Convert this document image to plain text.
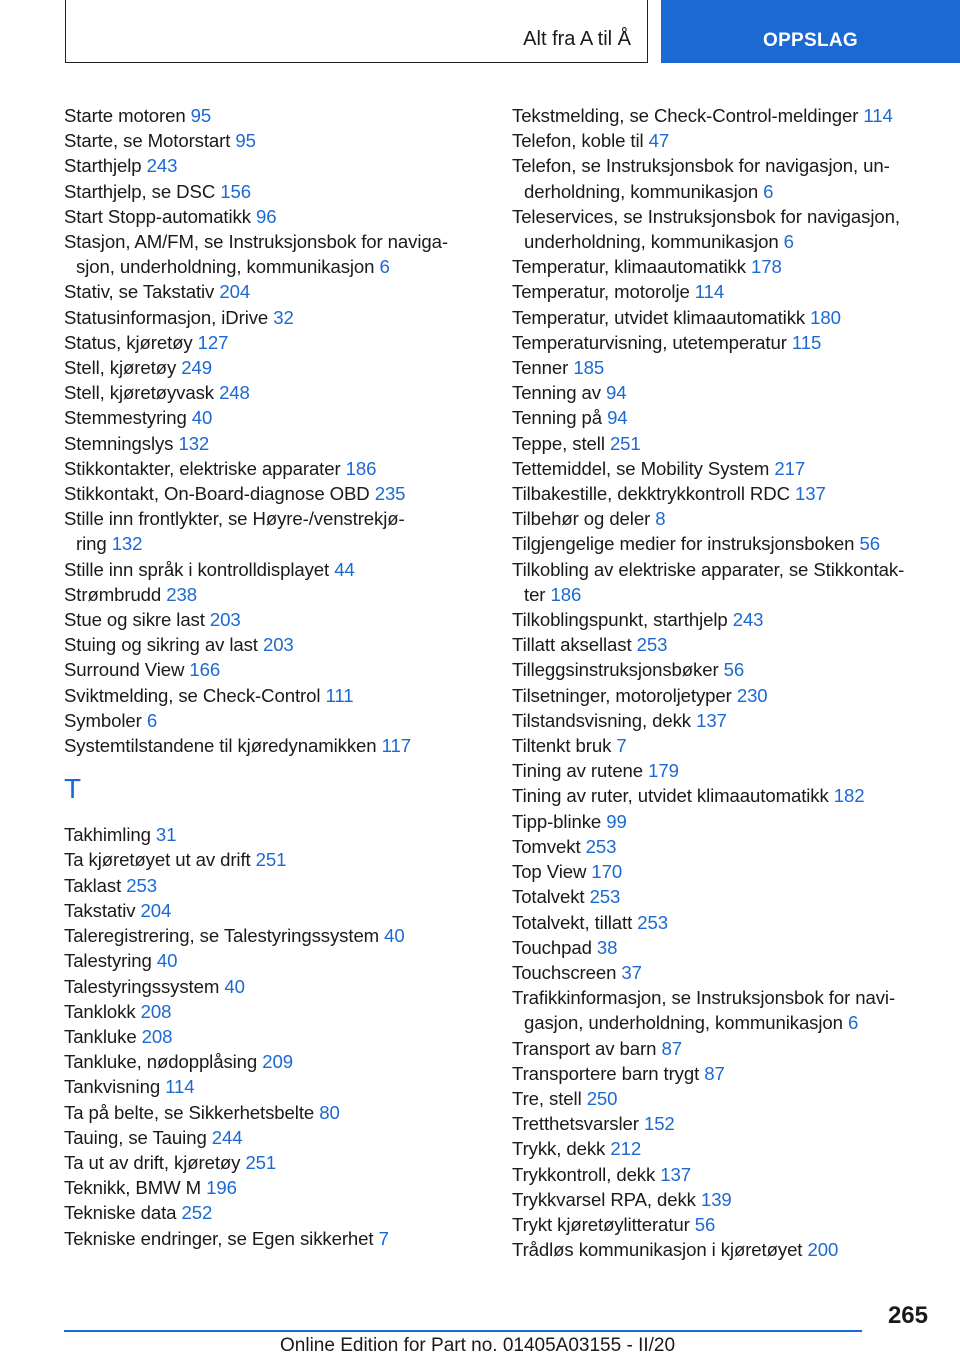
Alt fra A til Å	OPPSLAG
Starte motoren 95
Starte, se Motorstart 95
Starthjelp 243
Starthjelp, se DSC 156
Start Stopp-automatikk 96
Stasjon, AM/FM, se Instruksjonsbok for naviga-
sjon, underholdning, kommunikasjon 6
Stativ, se Takstativ 204
Statusinformasjon, iDrive 32
Status, kjøretøy 127
Stell, kjøretøy 249
Stell, kjøretøyvask 248
Stemmestyring 40
Stemningslys 132
Stikkontakter, elektriske apparater 186
Stikkontakt, On-Board-diagnose OBD 235
Stille inn frontlykter, se Høyre-/venstrekjø-
ring 132
Stille inn språk i kontrolldisplayet 44
Strømbrudd 238
Stue og sikre last 203
Stuing og sikring av last 203
Surround View 166
Sviktmelding, se Check-Control 111
Symboler 6
Systemtilstandene til kjøredynamikken 117
T
Takhimling 31
Ta kjøretøyet ut av drift 251
Taklast 253
Takstativ 204
Taleregistrering, se Talestyringssystem 40
Talestyring 40
Talestyringssystem 40
Tanklokk 208
Tankluke 208
Tankluke, nødopplåsing 209
Tankvisning 114
Ta på belte, se Sikkerhetsbelte 80
Tauing, se Tauing 244
Ta ut av drift, kjøretøy 251
Teknikk, BMW M 196
Tekniske data 252
Tekniske endringer, se Egen sikkerhet 7
Tekstmelding, se Check-Control-meldinger 114
Telefon, koble til 47
Telefon, se Instruksjonsbok for navigasjon, un-
derholdning, kommunikasjon 6
Teleservices, se Instruksjonsbok for navigasjon,
underholdning, kommunikasjon 6
Temperatur, klimaautomatikk 178
Temperatur, motorolje 114
Temperatur, utvidet klimaautomatikk 180
Temperaturvisning, utetemperatur 115
Tenner 185
Tenning av 94
Tenning på 94
Teppe, stell 251
Tettemiddel, se Mobility System 217
Tilbakestille, dekktrykkontroll RDC 137
Tilbehør og deler 8
Tilgjengelige medier for instruksjonsboken 56
Tilkobling av elektriske apparater, se Stikkontak-
ter 186
Tilkoblingspunkt, starthjelp 243
Tillatt aksellast 253
Tilleggsinstruksjonsbøker 56
Tilsetninger, motoroljetyper 230
Tilstandsvisning, dekk 137
Tiltenkt bruk 7
Tining av rutene 179
Tining av ruter, utvidet klimaautomatikk 182
Tipp-blinke 99
Tomvekt 253
Top View 170
Totalvekt 253
Totalvekt, tillatt 253
Touchpad 38
Touchscreen 37
Trafikkinformasjon, se Instruksjonsbok for navi-
gasjon, underholdning, kommunikasjon 6
Transport av barn 87
Transportere barn trygt 87
Tre, stell 250
Tretthetsvarsler 152
Trykk, dekk 212
Trykkontroll, dekk 137
Trykkvarsel RPA, dekk 139
Trykt kjøretøylitteratur 56
Trådløs kommunikasjon i kjøretøyet 200
265
Online Edition for Part no. 01405A03155 - II/20
